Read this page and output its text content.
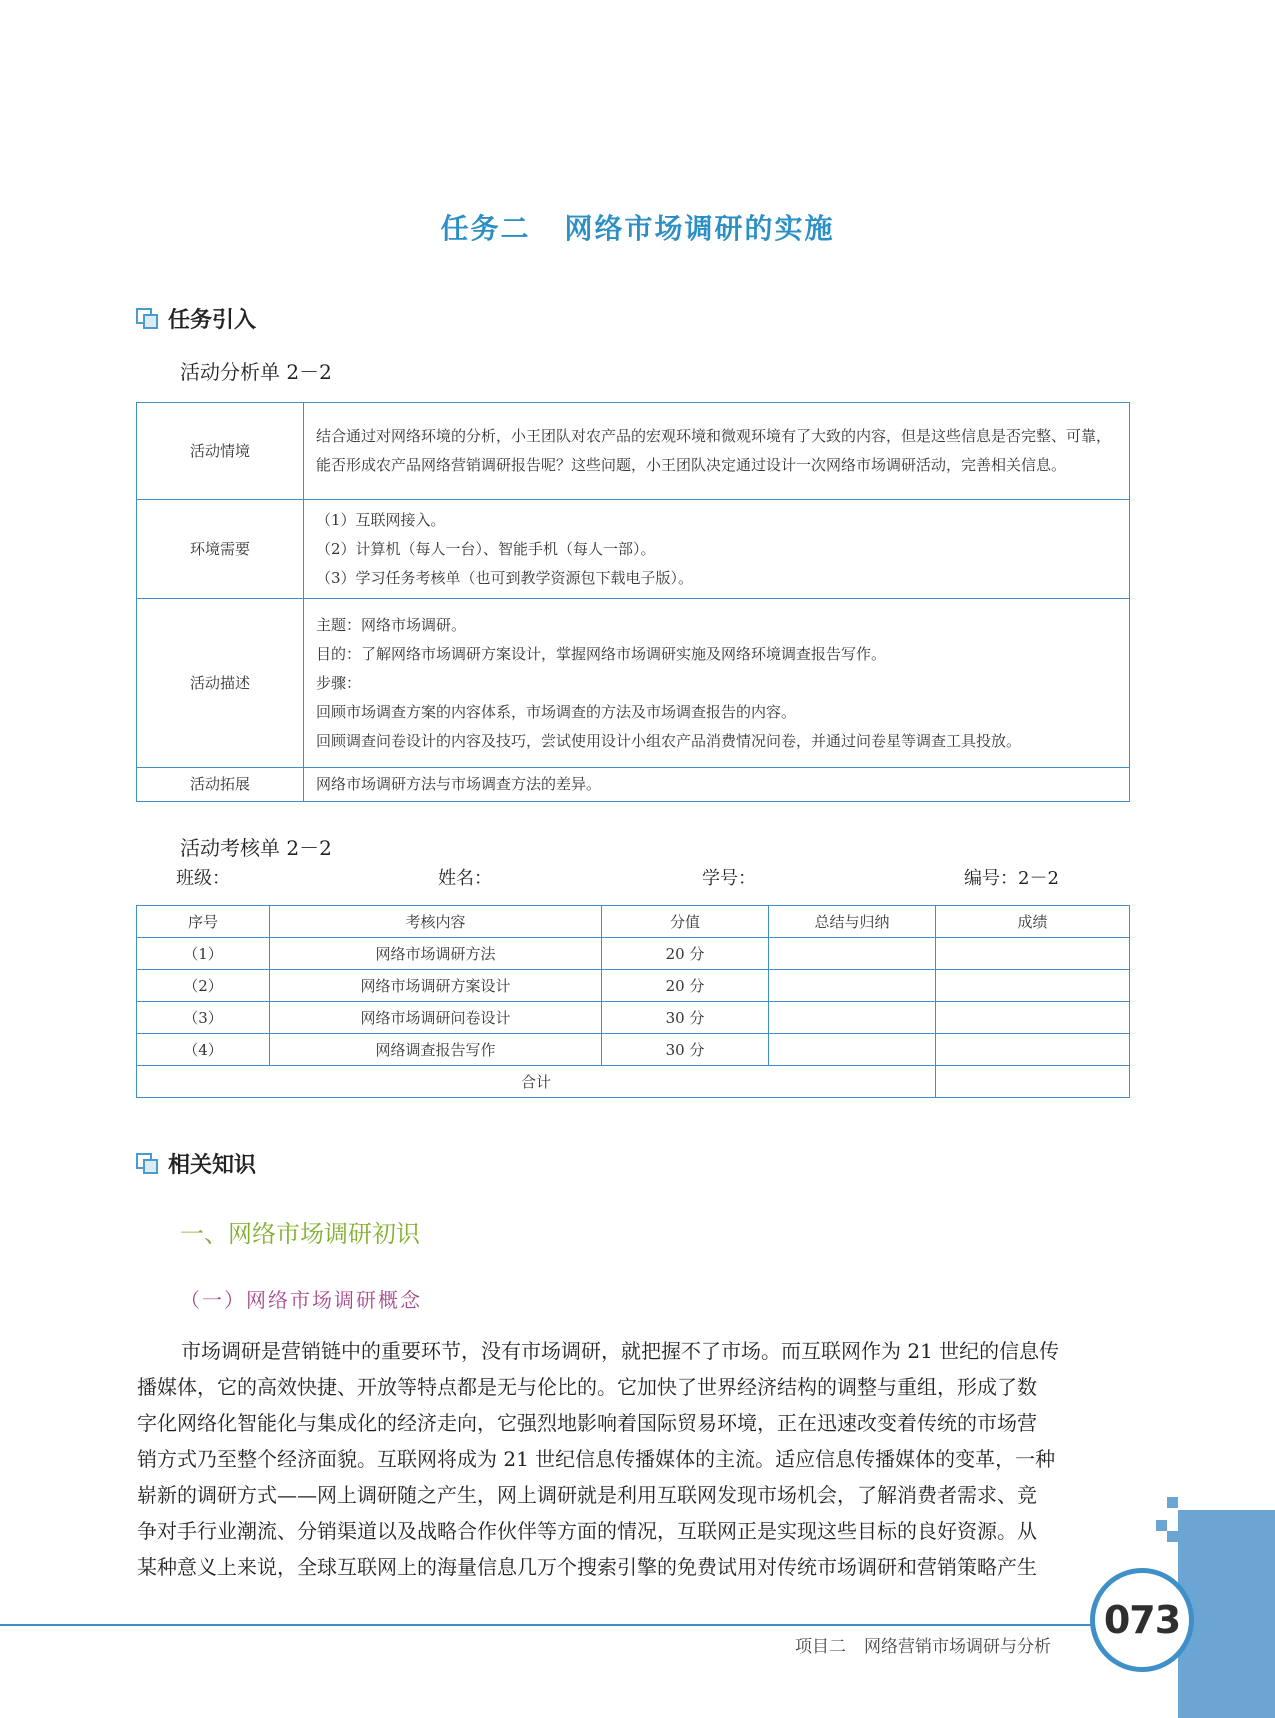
任务二 网络市场调研的实施
任务引入
活动分析单 2－2
活动情境	结合通过对网络环境的分析，小王团队对农产品的宏观环境和微观环境有了大致的内容，但是这些信息是否完整、可靠，能否形成农产品网络营销调研报告呢？这些问题，小王团队决定通过设计一次网络市场调研活动，完善相关信息。

环境需要	（1）互联网接入。
（2）计算机（每人一台）、智能手机（每人一部）。
（3）学习任务考核单（也可到教学资源包下载电子版）。

活动描述	主题：网络市场调研。
目的：了解网络市场调研方案设计，掌握网络市场调研实施及网络环境调查报告写作。
步骤：
回顾市场调查方案的内容体系，市场调查的方法及市场调查报告的内容。
回顾调查问卷设计的内容及技巧，尝试使用设计小组农产品消费情况问卷，并通过问卷星等调查工具投放。

活动拓展	网络市场调研方法与市场调查方法的差异。
活动考核单 2－2
班级：	姓名：	学号：	编号：2－2
序号	考核内容	分值	总结与归纳	成绩
（1）	网络市场调研方法	20 分		
（2）	网络市场调研方案设计	20 分		
（3）	网络市场调研问卷设计	30 分		
（4）	网络调查报告写作	30 分		
合计				
相关知识
一、网络市场调研初识
（一）网络市场调研概念
市场调研是营销链中的重要环节，没有市场调研，就把握不了市场。而互联网作为 21 世纪的信息传
播媒体，它的高效快捷、开放等特点都是无与伦比的。它加快了世界经济结构的调整与重组，形成了数
字化网络化智能化与集成化的经济走向，它强烈地影响着国际贸易环境，正在迅速改变着传统的市场营
销方式乃至整个经济面貌。互联网将成为 21 世纪信息传播媒体的主流。适应信息传播媒体的变革，一种
崭新的调研方式——网上调研随之产生，网上调研就是利用互联网发现市场机会，了解消费者需求、竞
争对手行业潮流、分销渠道以及战略合作伙伴等方面的情况，互联网正是实现这些目标的良好资源。从
某种意义上来说，全球互联网上的海量信息几万个搜索引擎的免费试用对传统市场调研和营销策略产生
073
项目二 网络营销市场调研与分析
